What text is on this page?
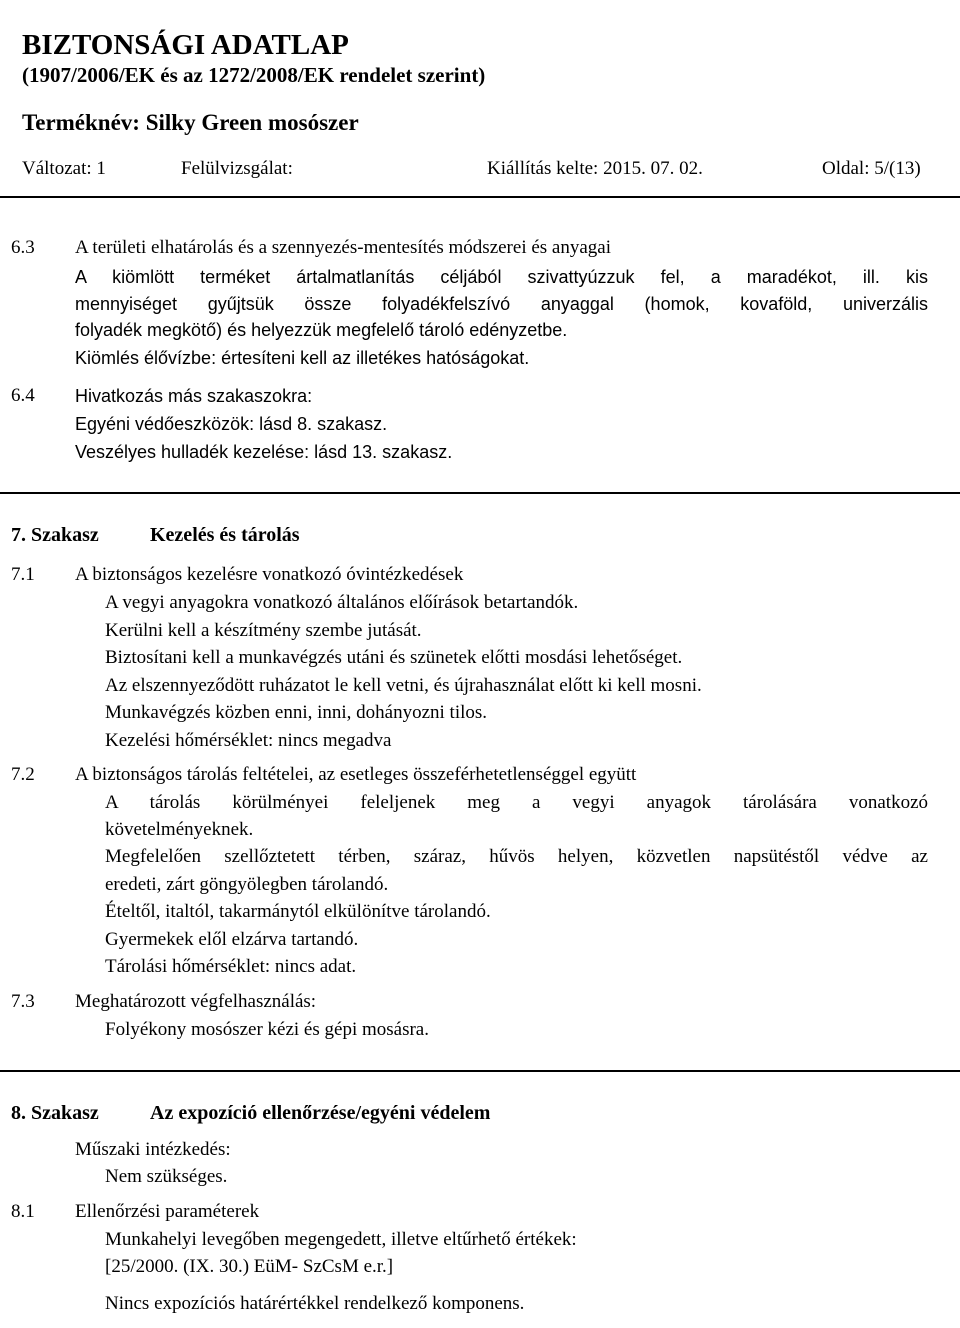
BIZTONSÁGI ADATLAP
(1907/2006/EK és az 1272/2008/EK rendelet szerint)
Terméknév: Silky Green mosószer
Változat: 1	Felülvizsgálat:	Kiállítás kelte: 2015. 07. 02.	Oldal: 5/(13)
6.3 A területi elhatárolás és a szennyezés-mentesítés módszerei és anyagai
A kiömlött terméket ártalmatlanítás céljából szivattyúzzuk fel, a maradékot, ill. kis
mennyiséget gyűjtsük össze folyadékfelszívó anyaggal (homok, kovaföld, univerzális
folyadék megkötő) és helyezzük megfelelő tároló edényzetbe.
Kiömlés élővízbe: értesíteni kell az illetékes hatóságokat.
6.4 Hivatkozás más szakaszokra:
Egyéni védőeszközök: lásd 8. szakasz.
Veszélyes hulladék kezelése: lásd 13. szakasz.
7. Szakasz	Kezelés és tárolás
7.1 A biztonságos kezelésre vonatkozó óvintézkedések
A vegyi anyagokra vonatkozó általános előírások betartandók.
Kerülni kell a készítmény szembe jutását.
Biztosítani kell a munkavégzés utáni és szünetek előtti mosdási lehetőséget.
Az elszennyeződött ruházatot le kell vetni, és újrahasználat előtt ki kell mosni.
Munkavégzés közben enni, inni, dohányozni tilos.
Kezelési hőmérséklet: nincs megadva
7.2 A biztonságos tárolás feltételei, az esetleges összeférhetetlenséggel együtt
A tárolás körülményei feleljenek meg a vegyi anyagok tárolására vonatkozó
követelményeknek.
Megfelelően szellőztetett térben, száraz, hűvös helyen, közvetlen napsütéstől védve az
eredeti, zárt göngyölegben tárolandó.
Ételtől, italtól, takarmánytól elkülönítve tárolandó.
Gyermekek elől elzárva tartandó.
Tárolási hőmérséklet: nincs adat.
7.3 Meghatározott végfelhasználás:
Folyékony mosószer kézi és gépi mosásra.
8. Szakasz	Az expozíció ellenőrzése/egyéni védelem
Műszaki intézkedés:
Nem szükséges.
8.1 Ellenőrzési paraméterek
Munkahelyi levegőben megengedett, illetve eltűrhető értékek:
[25/2000. (IX. 30.) EüM- SzCsM e.r.]
Nincs expozíciós határértékkel rendelkező komponens.
